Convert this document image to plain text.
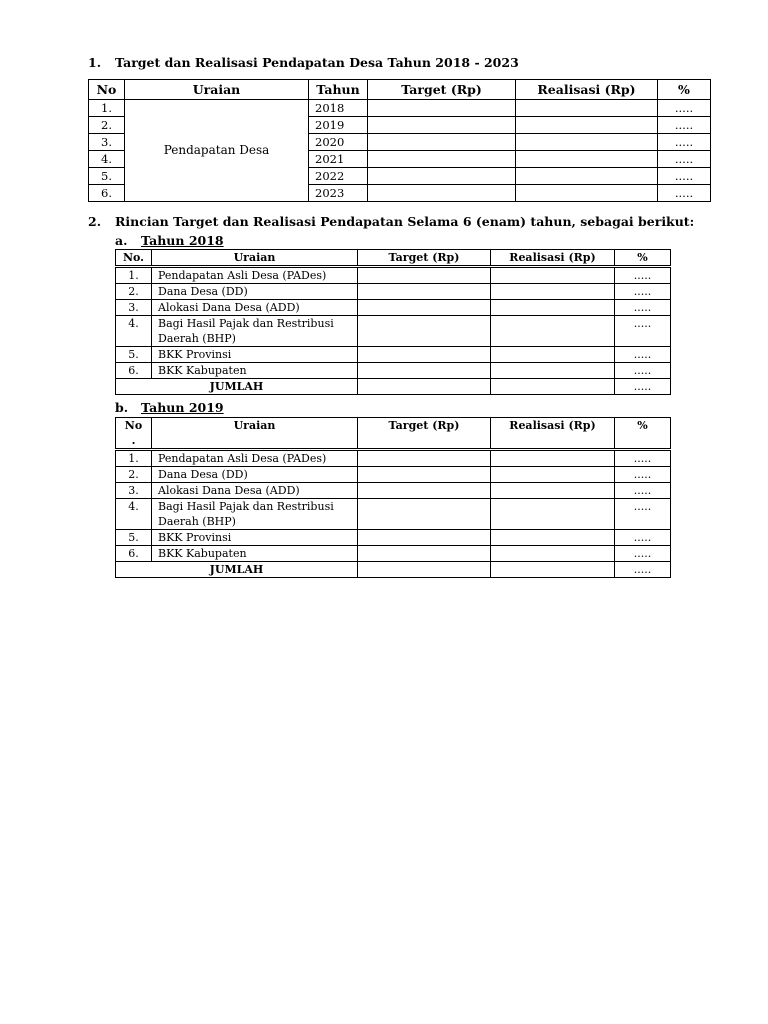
1. Target dan Realisasi Pendapatan Desa Tahun 2018 - 2023
No	Uraian	Tahun	Target (Rp)	Realisasi (Rp)	%
1.	Pendapatan Desa	2018			.....
2.		2019			.....
3.		2020			.....
4.		2021			.....
5.		2022			.....
6.		2023			.....
2. Rincian Target dan Realisasi Pendapatan Selama 6 (enam) tahun, sebagai berikut:
a. Tahun 2018
No.	Uraian	Target (Rp)	Realisasi (Rp)	%
1.	Pendapatan Asli Desa (PADes)			.....
2.	Dana Desa (DD)			.....
3.	Alokasi Dana Desa (ADD)			.....
4.	Bagi Hasil Pajak dan Restribusi
Daerah (BHP)			.....
5.	BKK Provinsi			.....
6.	BKK Kabupaten			.....
JUMLAH				.....
b. Tahun 2019
No
.	Uraian	Target (Rp)	Realisasi (Rp)	%
1.	Pendapatan Asli Desa (PADes)			.....
2.	Dana Desa (DD)			.....
3.	Alokasi Dana Desa (ADD)			.....
4.	Bagi Hasil Pajak dan Restribusi
Daerah (BHP)			.....
5.	BKK Provinsi			.....
6.	BKK Kabupaten			.....
JUMLAH				.....
